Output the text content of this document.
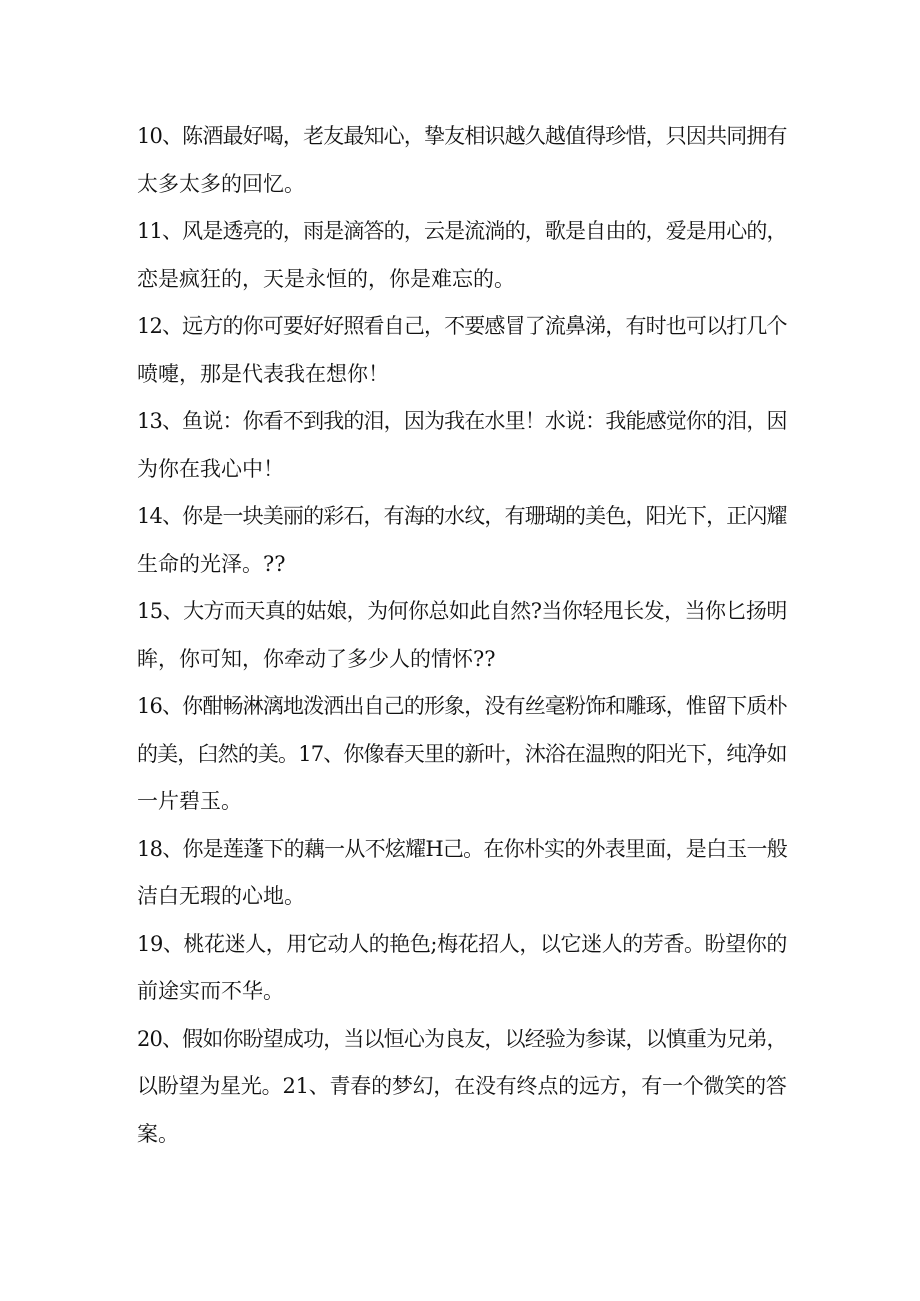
10、陈酒最好喝，老友最知心，挚友相识越久越值得珍惜，只因共同拥有
太多太多的回忆。
11、风是透亮的，雨是滴答的，云是流淌的，歌是自由的，爱是用心的，
恋是疯狂的，天是永恒的，你是难忘的。
12、远方的你可要好好照看自己，不要感冒了流鼻涕，有时也可以打几个
喷嚏，那是代表我在想你！
13、鱼说：你看不到我的泪，因为我在水里！水说：我能感觉你的泪，因
为你在我心中！
14、你是一块美丽的彩石，有海的水纹，有珊瑚的美色，阳光下，正闪耀
生命的光泽。??
15、大方而天真的姑娘，为何你总如此自然?当你轻甩长发，当你匕扬明
眸，你可知，你牵动了多少人的情怀??
16、你酣畅淋漓地泼洒出自己的形象，没有丝毫粉饰和雕琢，惟留下质朴
的美，臼然的美。17、你像春天里的新叶，沐浴在温煦的阳光下，纯净如
一片碧玉。
18、你是莲蓬下的藕一从不炫耀H己。在你朴实的外表里面，是白玉一般
洁白无瑕的心地。
19、桃花迷人，用它动人的艳色;梅花招人，以它迷人的芳香。盼望你的
前途实而不华。
20、假如你盼望成功，当以恒心为良友，以经验为参谋，以慎重为兄弟，
以盼望为星光。21、青春的梦幻，在没有终点的远方，有一个微笑的答
案。
